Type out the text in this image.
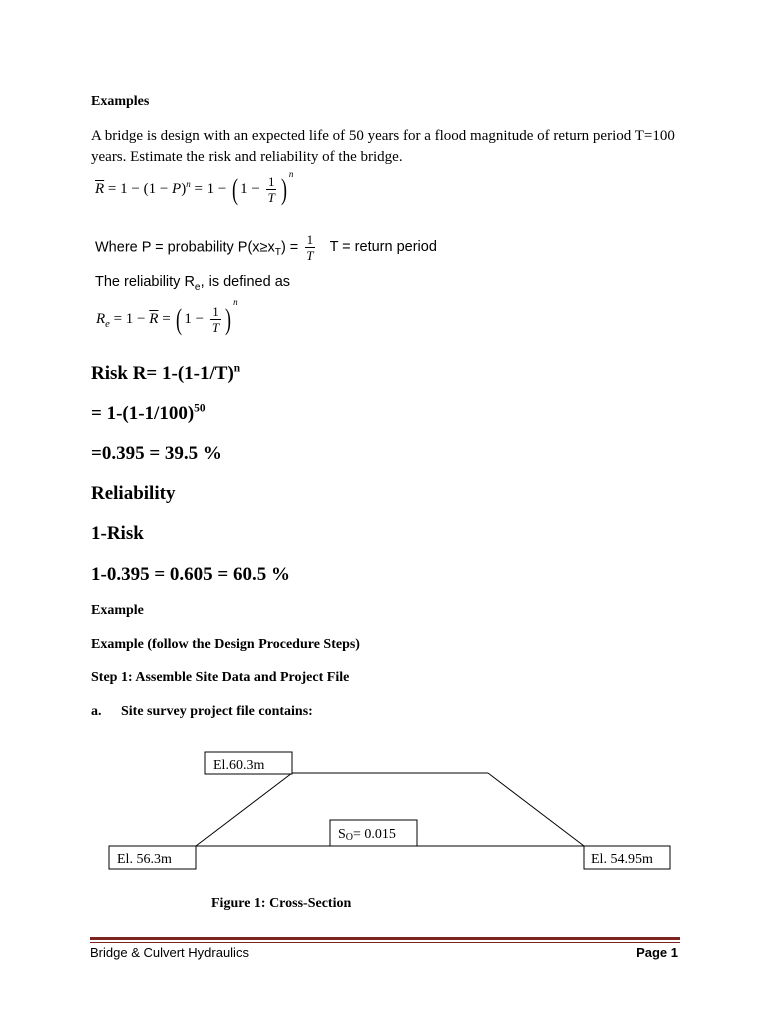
Examples
A bridge is design with an expected life of 50 years for a flood magnitude of return period T=100 years. Estimate the risk and reliability of the bridge.
$\overline{R} = 1 - (1 - P)^n = 1$ − ( $1 - \frac{1}{T}$ ) $^n$
Where P = probability $P(x\ge x_T) = \frac{1}{T}$ T = return period
The reliability $R_e$, is defined as
$R_e = 1 - \overline{R}$ = ( $1 - \frac{1}{T} )^n$
Risk $R= 1-(1-1/T)^n$
= $1-(1-1/100)^{50}$
=0.395 = 39.5 %
Reliability
1-Risk
1-0.395 = 0.605 = 60.5 %
Example
Example (follow the Design Procedure Steps)
Step 1: Assemble Site Data and Project File
a. Site survey project file contains:
El.60.3m
El. 56.3m	El. 54.95m
SO= 0.015
Figure 1: Cross-Section
Bridge & Culvert Hydraulics	Page 1
